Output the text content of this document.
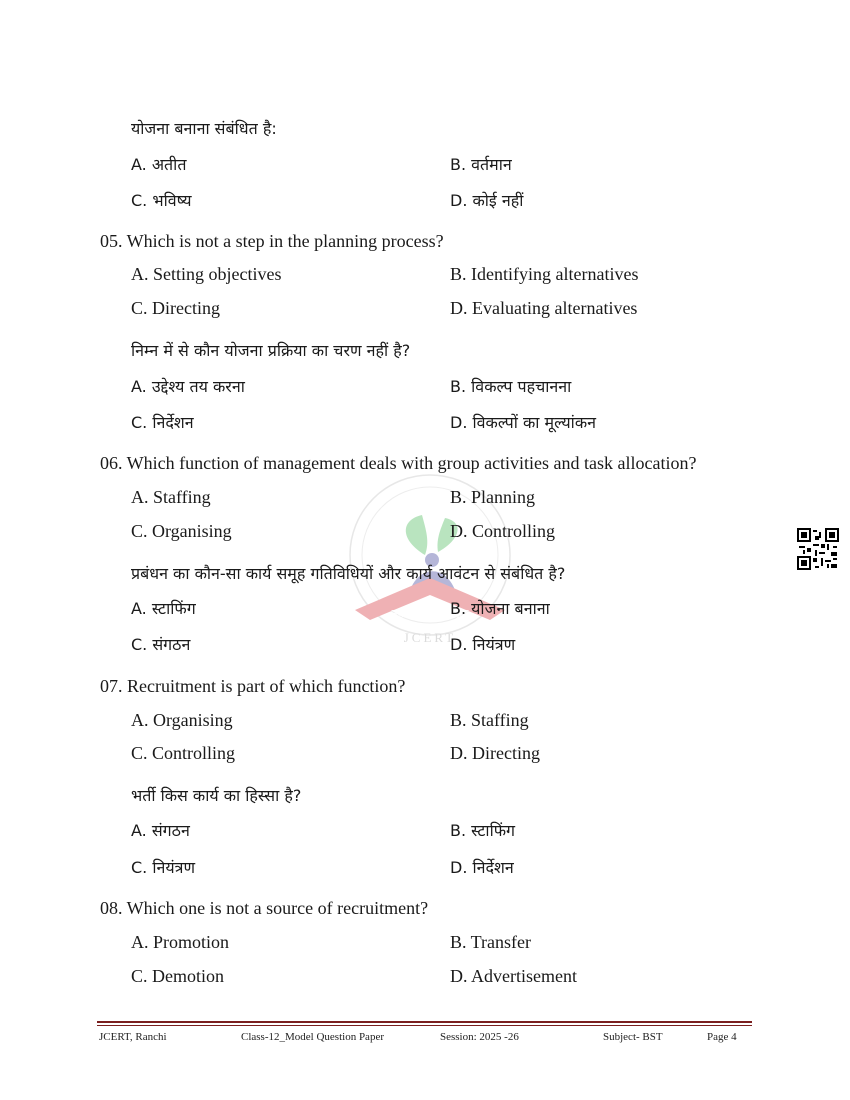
नवोन्मेष शोध नेतृत्व
JCERT
योजना बनाना संबंधित है:
A. अतीत	B. वर्तमान
C. भविष्य	D. कोई नहीं
05. Which is not a step in the planning process?
A. Setting objectives	B. Identifying alternatives
C. Directing	D. Evaluating alternatives
निम्न में से कौन योजना प्रक्रिया का चरण नहीं है?
A. उद्देश्य तय करना	B. विकल्प पहचानना
C. निर्देशन	D. विकल्पों का मूल्यांकन
06. Which function of management deals with group activities and task allocation?
A. Staffing	B. Planning
C. Organising	D. Controlling
प्रबंधन का कौन-सा कार्य समूह गतिविधियों और कार्य आवंटन से संबंधित है?
A. स्टाफिंग	B. योजना बनाना
C. संगठन	D. नियंत्रण
07. Recruitment is part of which function?
A. Organising	B. Staffing
C. Controlling	D. Directing
भर्ती किस कार्य का हिस्सा है?
A. संगठन	B. स्टाफिंग
C. नियंत्रण	D. निर्देशन
08. Which one is not a source of recruitment?
A. Promotion	B. Transfer
C. Demotion	D. Advertisement
JCERT, Ranchi	Class-12_Model Question Paper	Session: 2025 -26	Subject- BST	Page 4
